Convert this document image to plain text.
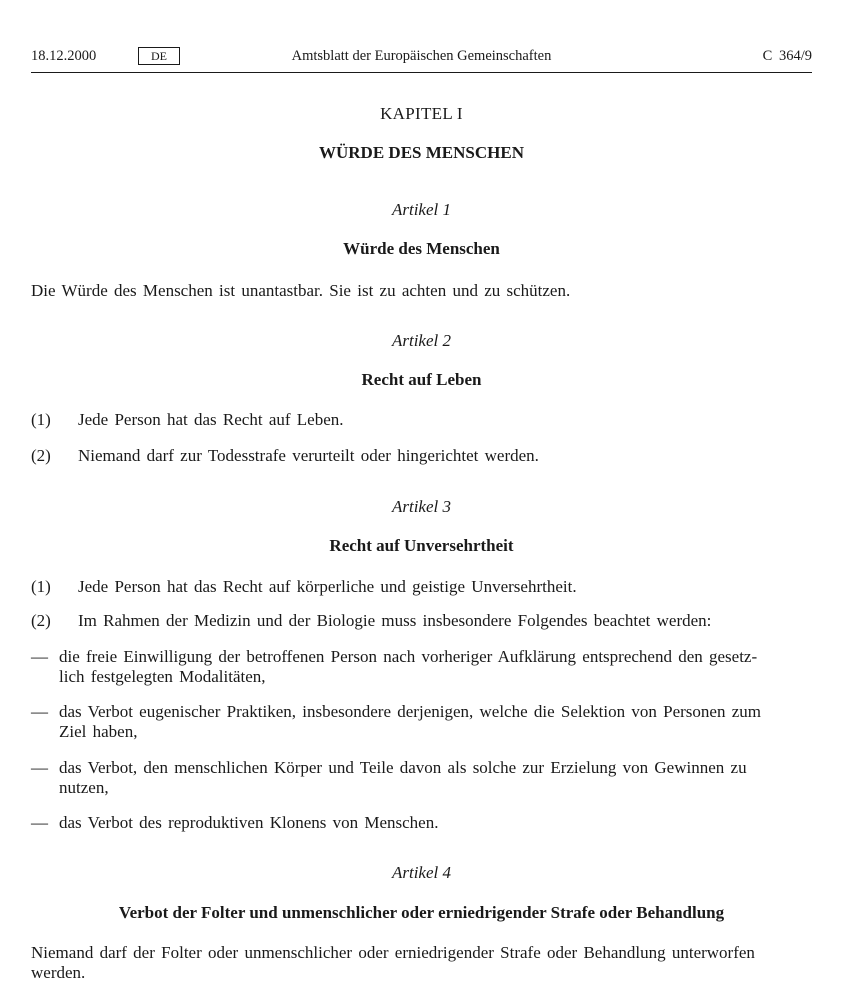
18.12.2000	DE	Amtsblatt der Europäischen Gemeinschaften	C 364/9
KAPITEL I
WÜRDE DES MENSCHEN
Artikel 1
Würde des Menschen
Die Würde des Menschen ist unantastbar. Sie ist zu achten und zu schützen.
Artikel 2
Recht auf Leben
(1) Jede Person hat das Recht auf Leben.
(2) Niemand darf zur Todesstrafe verurteilt oder hingerichtet werden.
Artikel 3
Recht auf Unversehrtheit
(1) Jede Person hat das Recht auf körperliche und geistige Unversehrtheit.
(2) Im Rahmen der Medizin und der Biologie muss insbesondere Folgendes beachtet werden:
— die freie Einwilligung der betroffenen Person nach vorheriger Aufklärung entsprechend den gesetz-
lich festgelegten Modalitäten,
— das Verbot eugenischer Praktiken, insbesondere derjenigen, welche die Selektion von Personen zum
Ziel haben,
— das Verbot, den menschlichen Körper und Teile davon als solche zur Erzielung von Gewinnen zu
nutzen,
— das Verbot des reproduktiven Klonens von Menschen.
Artikel 4
Verbot der Folter und unmenschlicher oder erniedrigender Strafe oder Behandlung
Niemand darf der Folter oder unmenschlicher oder erniedrigender Strafe oder Behandlung unterworfen
werden.
